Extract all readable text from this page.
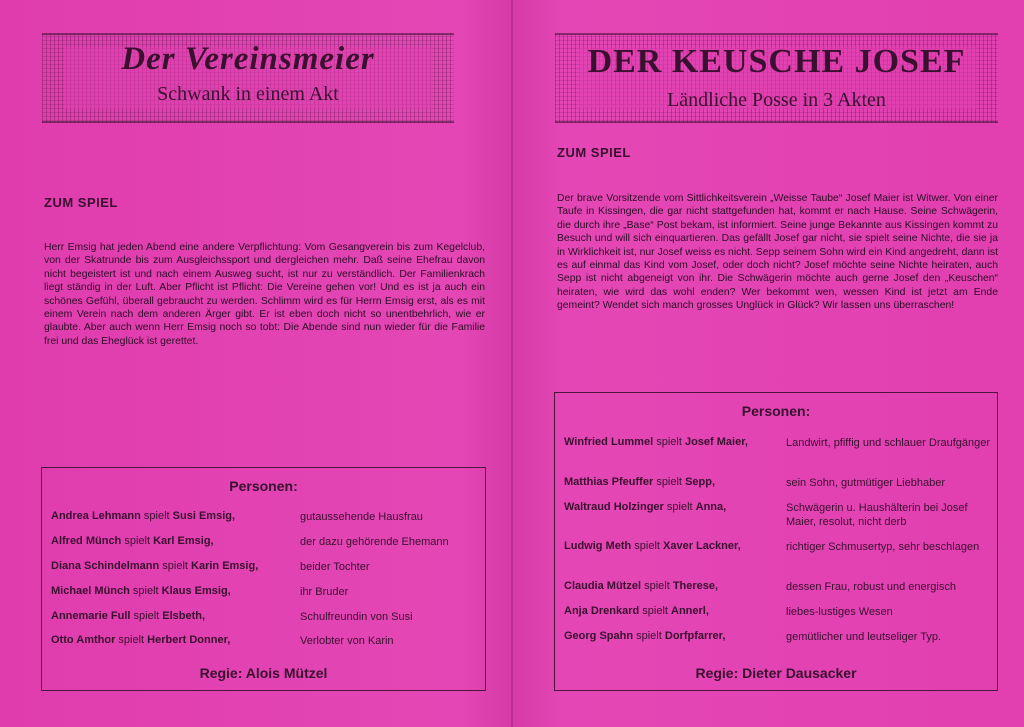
Der Vereinsmeier
Schwank in einem Akt
ZUM SPIEL
Herr Emsig hat jeden Abend eine andere Verpflichtung: Vom Gesangverein bis zum Kegelclub, von der Skatrunde bis zum Ausgleichssport und dergleichen mehr. Daß seine Ehefrau davon nicht begeistert ist und nach einem Ausweg sucht, ist nur zu verständlich. Der Familienkrach liegt ständig in der Luft. Aber Pflicht ist Pflicht: Die Vereine gehen vor! Und es ist ja auch ein schönes Gefühl, überall gebraucht zu werden. Schlimm wird es für Herrn Emsig erst, als es mit einem Verein nach dem anderen Ärger gibt. Er ist eben doch nicht so unentbehrlich, wie er glaubte. Aber auch wenn Herr Emsig noch so tobt: Die Abende sind nun wieder für die Familie frei und das Eheglück ist gerettet.
Personen:
Andrea Lehmann spielt Susi Emsig,	gutaussehende Hausfrau
Alfred Münch spielt Karl Emsig,	der dazu gehörende Ehemann
Diana Schindelmann spielt Karin Emsig,	beider Tochter
Michael Münch spielt Klaus Emsig,	ihr Bruder
Annemarie Full spielt Elsbeth,	Schulfreundin von Susi
Otto Amthor spielt Herbert Donner,	Verlobter von Karin
Regie: Alois Mützel
DER KEUSCHE JOSEF
Ländliche Posse in 3 Akten
ZUM SPIEL
Der brave Vorsitzende vom Sittlichkeitsverein „Weisse Taube“ Josef Maier ist Witwer. Von einer Taufe in Kissingen, die gar nicht stattgefunden hat, kommt er nach Hause. Seine Schwägerin, die durch ihre „Base“ Post bekam, ist informiert. Seine junge Bekannte aus Kissingen kommt zu Besuch und will sich einquartieren. Das gefällt Josef gar nicht, sie spielt seine Nichte, die sie ja in Wirklichkeit ist, nur Josef weiss es nicht. Sepp seinem Sohn wird ein Kind angedreht, dann ist es auf einmal das Kind vom Josef, oder doch nicht? Josef möchte seine Nichte heiraten, auch Sepp ist nicht abgeneigt von ihr. Die Schwägerin möchte auch gerne Josef den „Keuschen“ heiraten, wie wird das wohl enden? Wer bekommt wen, wessen Kind ist jetzt am Ende gemeint? Wendet sich manch grosses Unglück in Glück? Wir lassen uns überraschen!
Personen:
Winfried Lummel spielt Josef Maier,	Landwirt, pfiffig und schlauer Draufgänger
Matthias Pfeuffer spielt Sepp,	sein Sohn, gutmütiger Liebhaber
Waltraud Holzinger spielt Anna,	Schwägerin u. Haushälterin bei Josef Maier, resolut, nicht derb
Ludwig Meth spielt Xaver Lackner,	richtiger Schmusertyp, sehr beschlagen
Claudia Mützel spielt Therese,	dessen Frau, robust und energisch
Anja Drenkard spielt Annerl,	liebes-lustiges Wesen
Georg Spahn spielt Dorfpfarrer,	gemütlicher und leutseliger Typ.
Regie: Dieter Dausacker
